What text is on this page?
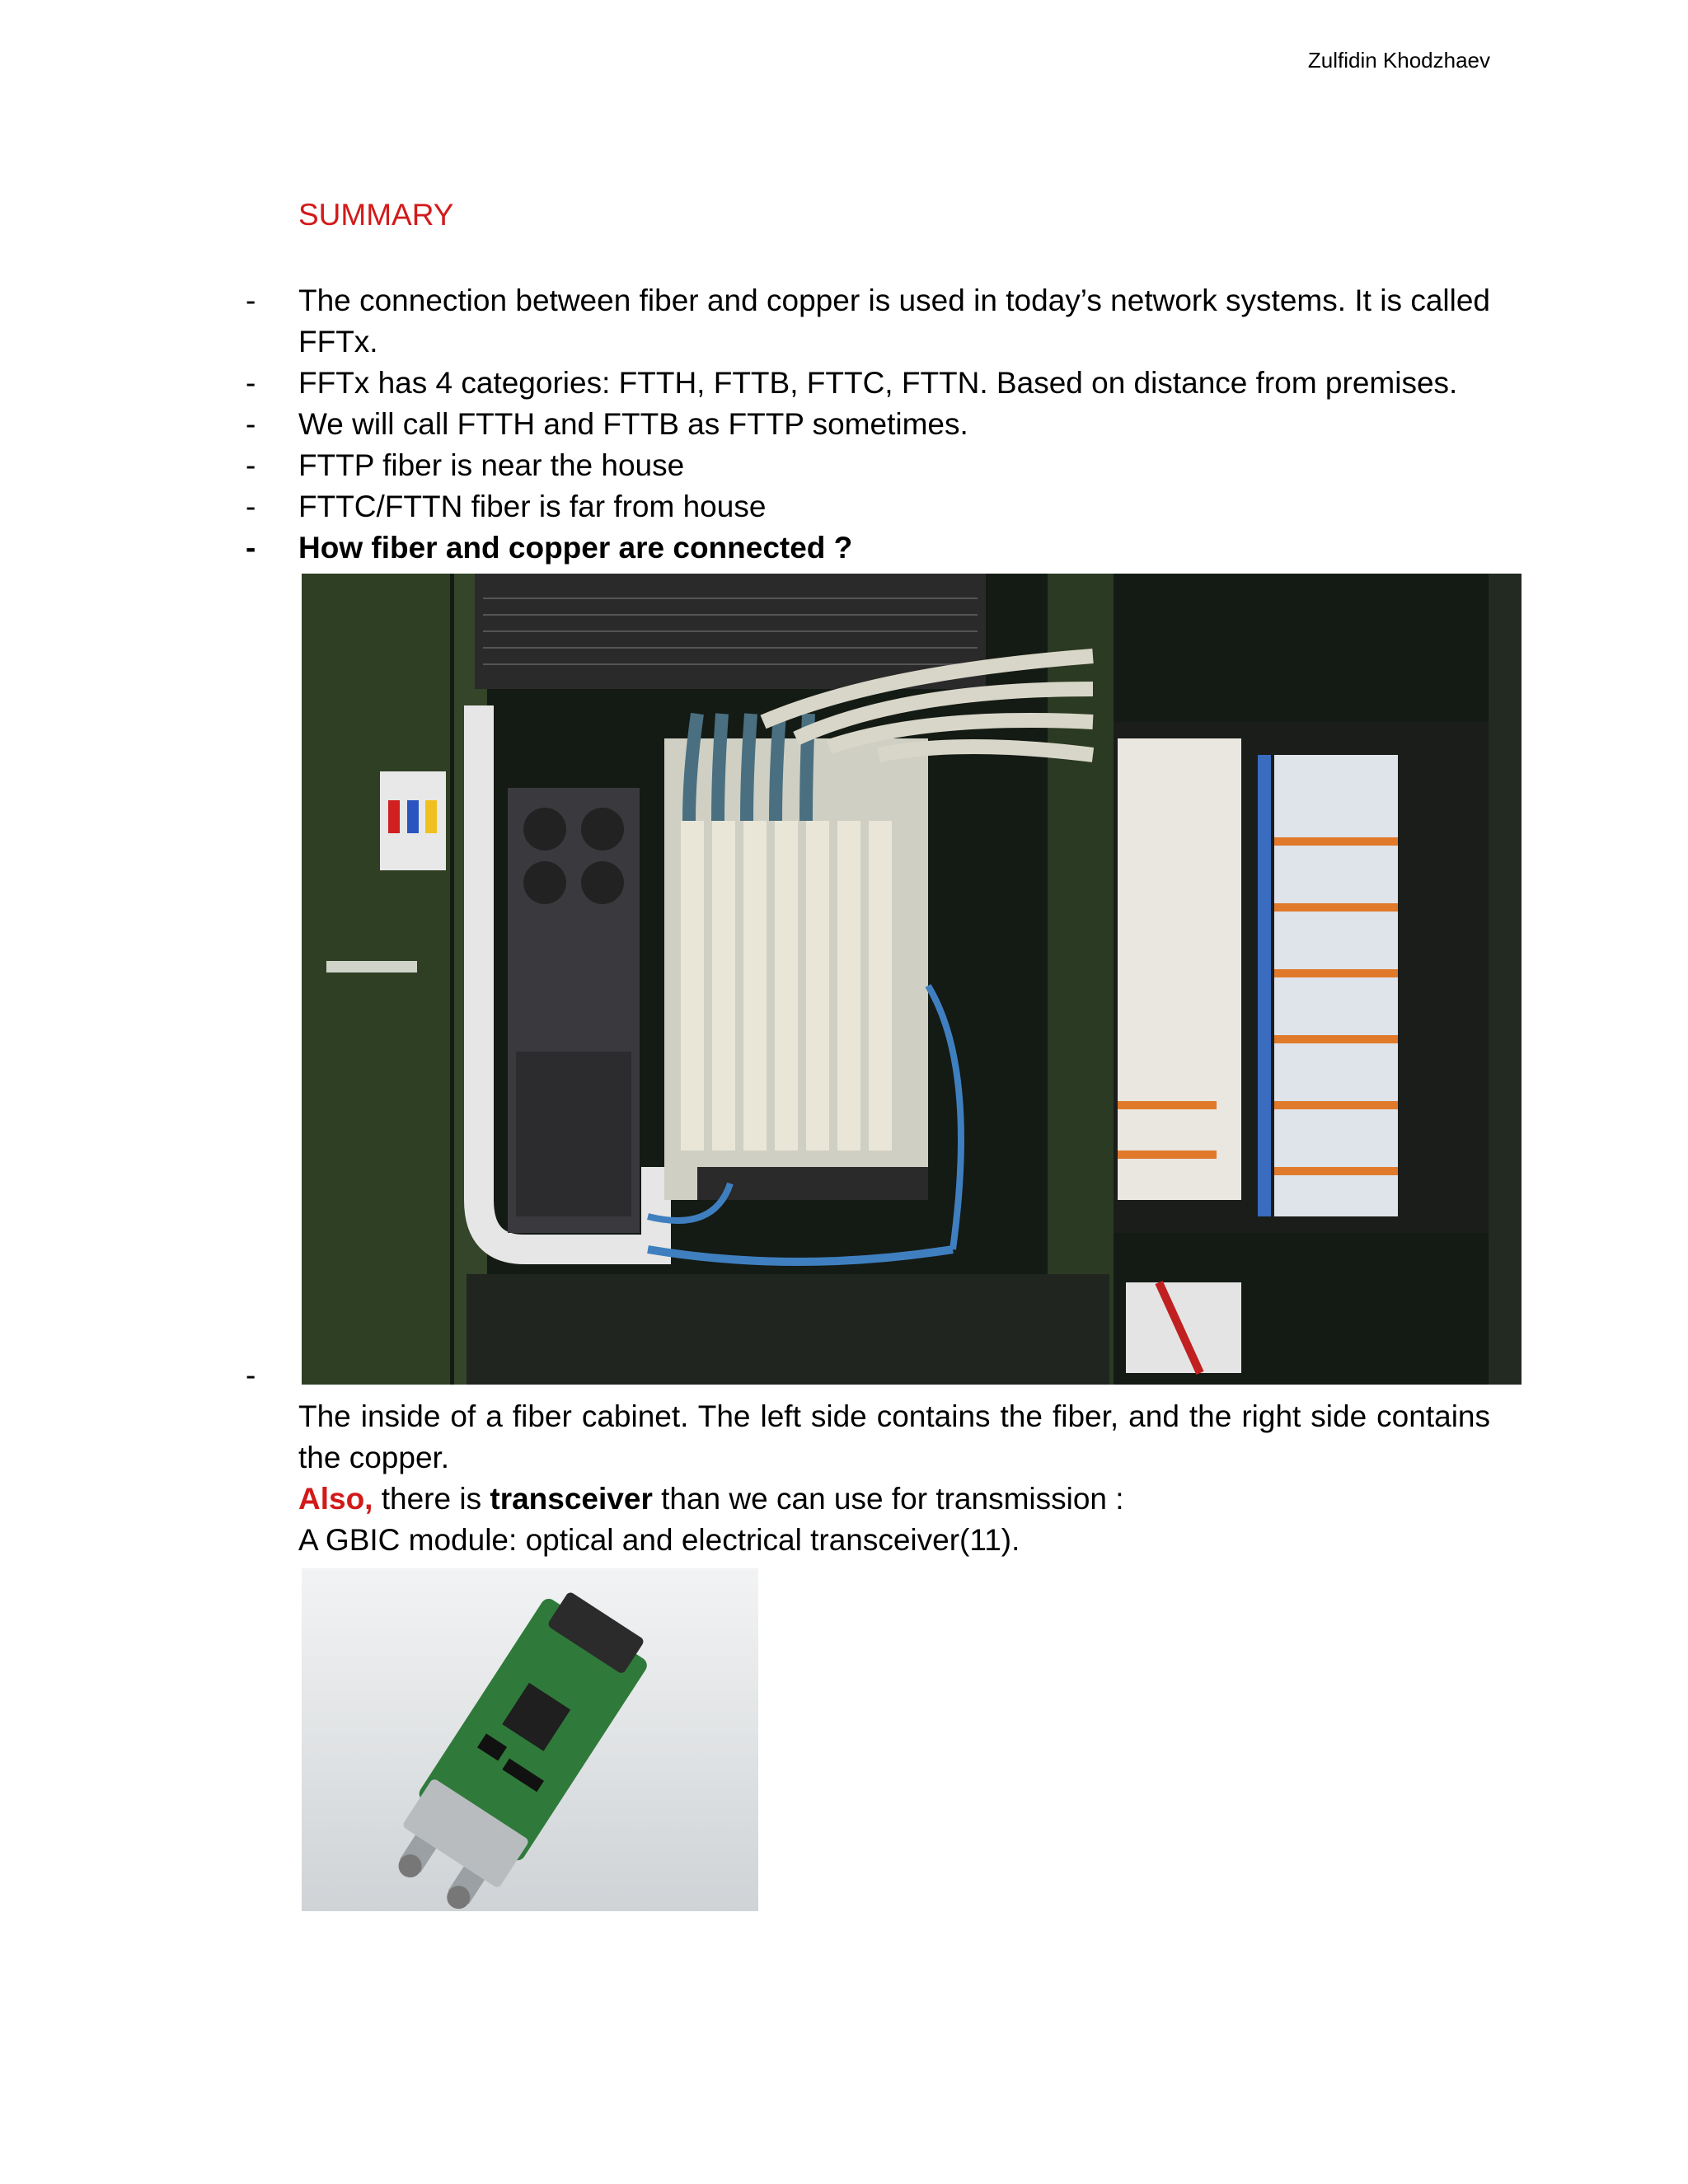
Zulfidin Khodzhaev
SUMMARY
-	The connection between fiber and copper is used in today’s network systems. It is called FFTx.
-	FFTx has 4 categories: FTTH, FTTB, FTTC, FTTN. Based on distance from premises.
-	We will call FTTH and FTTB as FTTP sometimes.
-	FTTP fiber is near the house
-	FTTC/FTTN fiber is far from house
-	How fiber and copper are connected ?
-

The inside of a fiber cabinet. The left side contains the fiber, and the right side contains the copper.

Also, there is transceiver than we can use for transmission :

A GBIC module: optical and electrical transceiver(11).
